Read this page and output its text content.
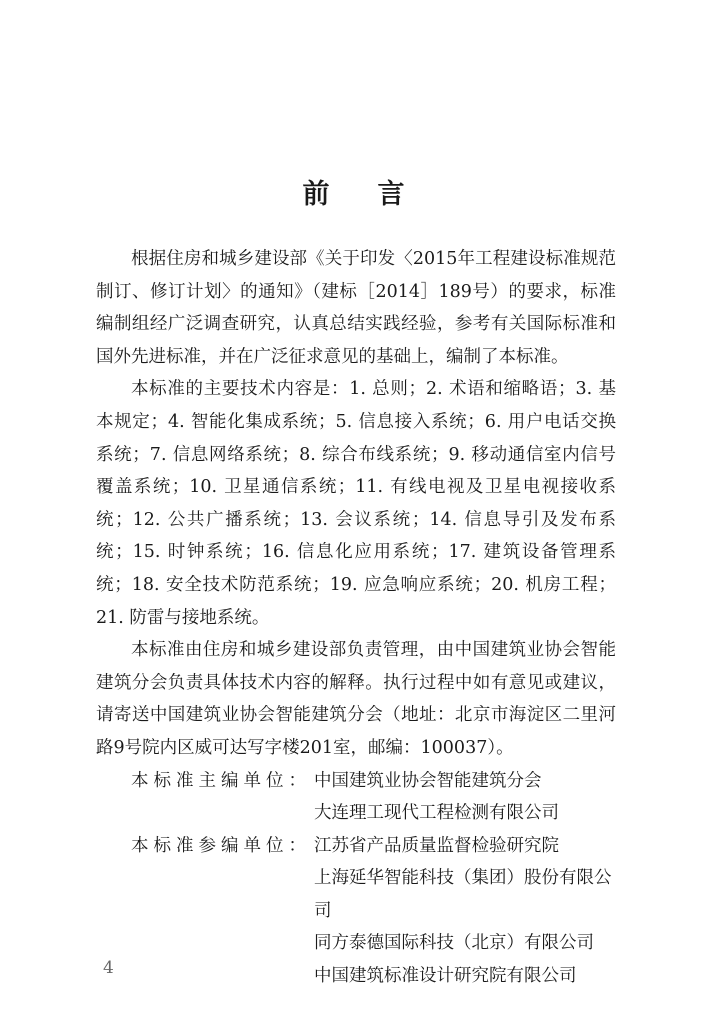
前言

根据住房和城乡建设部《关于印发〈2015年工程建设标准规范制订、修订计划〉的通知》（建标［2014］189号）的要求，标准编制组经广泛调查研究，认真总结实践经验，参考有关国际标准和国外先进标准，并在广泛征求意见的基础上，编制了本标准。

本标准的主要技术内容是：1. 总则；2. 术语和缩略语；3. 基本规定；4. 智能化集成系统；5. 信息接入系统；6. 用户电话交换系统；7. 信息网络系统；8. 综合布线系统；9. 移动通信室内信号覆盖系统；10. 卫星通信系统；11. 有线电视及卫星电视接收系统；12. 公共广播系统；13. 会议系统；14. 信息导引及发布系统；15. 时钟系统；16. 信息化应用系统；17. 建筑设备管理系统；18. 安全技术防范系统；19. 应急响应系统；20. 机房工程；21. 防雷与接地系统。

本标准由住房和城乡建设部负责管理，由中国建筑业协会智能建筑分会负责具体技术内容的解释。执行过程中如有意见或建议，请寄送中国建筑业协会智能建筑分会（地址：北京市海淀区二里河路9号院内区威可达写字楼201室，邮编：100037）。

本标准主编单位： 中国建筑业协会智能建筑分会
大连理工现代工程检测有限公司
本标准参编单位： 江苏省产品质量监督检验研究院
上海延华智能科技（集团）股份有限公司
同方泰德国际科技（北京）有限公司
中国建筑标准设计研究院有限公司
4
